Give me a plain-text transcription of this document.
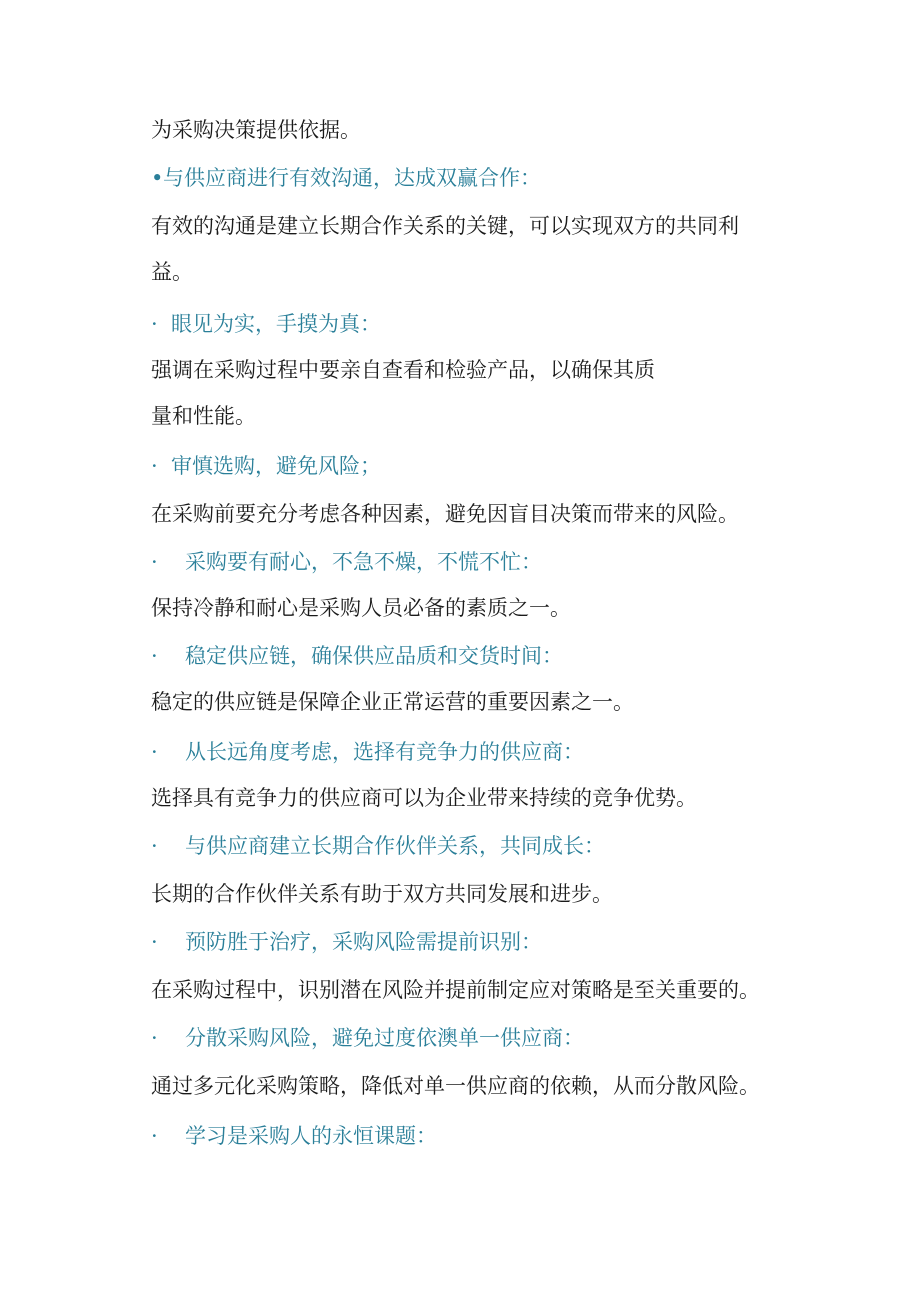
为采购决策提供依据。
•与供应商进行有效沟通，达成双赢合作：
有效的沟通是建立长期合作关系的关键，可以实现双方的共同利
益。
· 眼见为实，手摸为真：
强调在采购过程中要亲自查看和检验产品，以确保其质
量和性能。
· 审慎选购，避免风险；
在采购前要充分考虑各种因素，避免因盲目决策而带来的风险。
· 采购要有耐心，不急不燥，不慌不忙：
保持冷静和耐心是采购人员必备的素质之一。
· 稳定供应链，确保供应品质和交货时间：
稳定的供应链是保障企业正常运营的重要因素之一。
· 从长远角度考虑，选择有竞争力的供应商：
选择具有竞争力的供应商可以为企业带来持续的竞争优势。
· 与供应商建立长期合作伙伴关系，共同成长：
长期的合作伙伴关系有助于双方共同发展和进步。
· 预防胜于治疗，采购风险需提前识别：
在采购过程中，识别潜在风险并提前制定应对策略是至关重要的。
· 分散采购风险，避免过度依澳单一供应商：
通过多元化采购策略，降低对单一供应商的依赖，从而分散风险。
· 学习是采购人的永恒课题：
